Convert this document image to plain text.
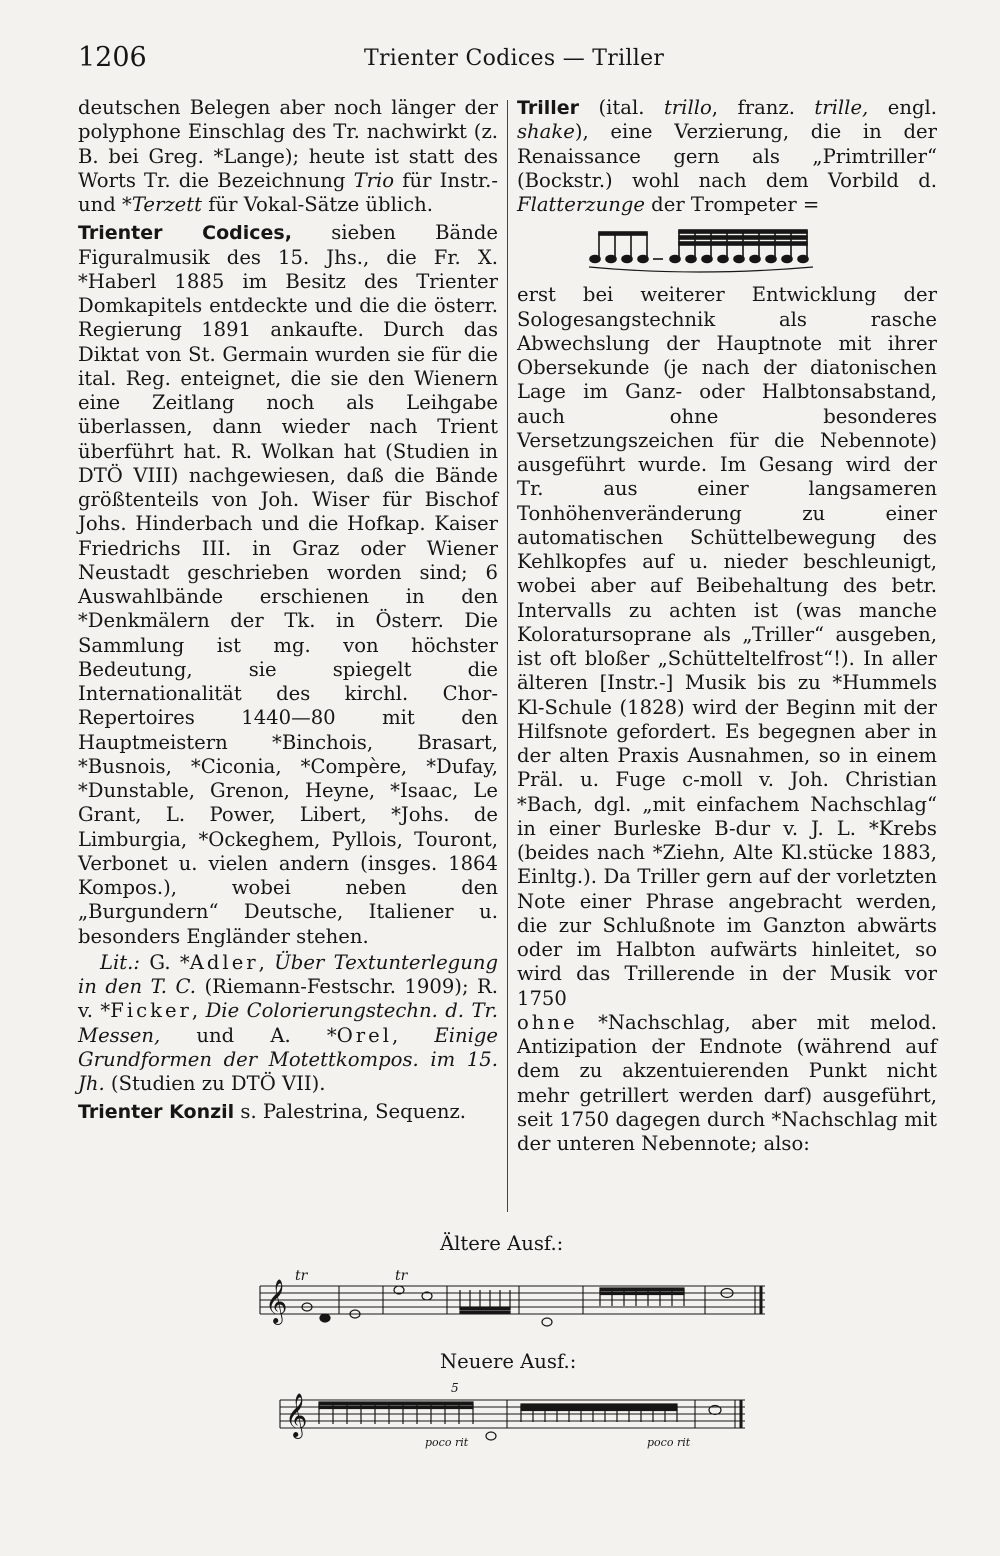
1206	Trienter Codices — Triller

deutschen Belegen aber noch länger der polyphone Einschlag des Tr. nachwirkt (z. B. bei Greg. *Lange); heute ist statt des Worts Tr. die Bezeichnung Trio für Instr.- und *Terzett für Vokal-Sätze üblich.

Trienter Codices, sieben Bände Figuralmusik des 15. Jhs., die Fr. X. *Haberl 1885 im Besitz des Trienter Domkapitels entdeckte und die die österr. Regierung 1891 ankaufte. Durch das Diktat von St. Germain wurden sie für die ital. Reg. enteignet, die sie den Wienern eine Zeitlang noch als Leihgabe überlassen, dann wieder nach Trient überführt hat. R. Wolkan hat (Studien in DTÖ VIII) nachgewiesen, daß die Bände größtenteils von Joh. Wiser für Bischof Johs. Hinderbach und die Hofkap. Kaiser Friedrichs III. in Graz oder Wiener Neustadt geschrieben worden sind; 6 Auswahlbände erschienen in den *Denkmälern der Tk. in Österr. Die Sammlung ist mg. von höchster Bedeutung, sie spiegelt die Internationalität des kirchl. Chor-Repertoires 1440—80 mit den Hauptmeistern *Binchois, Brasart, *Busnois, *Ciconia, *Compère, *Dufay, *Dunstable, Grenon, Heyne, *Isaac, Le Grant, L. Power, Libert, *Johs. de Limburgia, *Ockeghem, Pyllois, Touront, Verbonet u. vielen andern (insges. 1864 Kompos.), wobei neben den „Burgundern“ Deutsche, Italiener u. besonders Engländer stehen.

Lit.: G. *Adler, Über Textunterlegung in den T. C. (Riemann-Festschr. 1909); R. v. *Ficker, Die Colorierungstechn. d. Tr. Messen, und A. *Orel, Einige Grundformen der Motettkompos. im 15. Jh. (Studien zu DTÖ VII).

Trienter Konzil s. Palestrina, Sequenz.

Triller (ital. trillo, franz. trille, engl. shake), eine Verzierung, die in der Renaissance gern als „Primtriller“ (Bockstr.) wohl nach dem Vorbild d. Flatterzunge der Trompeter =

erst bei weiterer Entwicklung der Sologesangstechnik als rasche Abwechslung der Hauptnote mit ihrer Obersekunde (je nach der diatonischen Lage im Ganz- oder Halbtonsabstand, auch ohne besonderes Versetzungszeichen für die Nebennote) ausgeführt wurde. Im Gesang wird der Tr. aus einer langsameren Tonhöhenveränderung zu einer automatischen Schüttelbewegung des Kehlkopfes auf u. nieder beschleunigt, wobei aber auf Beibehaltung des betr. Intervalls zu achten ist (was manche Koloratursoprane als „Triller“ ausgeben, ist oft bloßer „Schütteltelfrost“!). In aller älteren [Instr.-] Musik bis zu *Hummels Kl-Schule (1828) wird der Beginn mit der Hilfsnote gefordert. Es begegnen aber in der alten Praxis Ausnahmen, so in einem Präl. u. Fuge c-moll v. Joh. Christian *Bach, dgl. „mit einfachem Nachschlag“ in einer Burleske B-dur v. J. L. *Krebs (beides nach *Ziehn, Alte Kl.stücke 1883, Einltg.). Da Triller gern auf der vorletzten Note einer Phrase angebracht werden, die zur Schlußnote im Ganzton abwärts oder im Halbton aufwärts hinleitet, so wird das Trillerende in der Musik vor 1750

ohne *Nachschlag, aber mit melod. Antizipation der Endnote (während auf dem zu akzentuierenden Punkt nicht mehr getrillert werden darf) ausgeführt, seit 1750 dagegen durch *Nachschlag mit der unteren Nebennote; also:

Ältere Ausf.:
𝄞
tr	tr
Neuere Ausf.:
𝄞
5
poco rit	poco rit
